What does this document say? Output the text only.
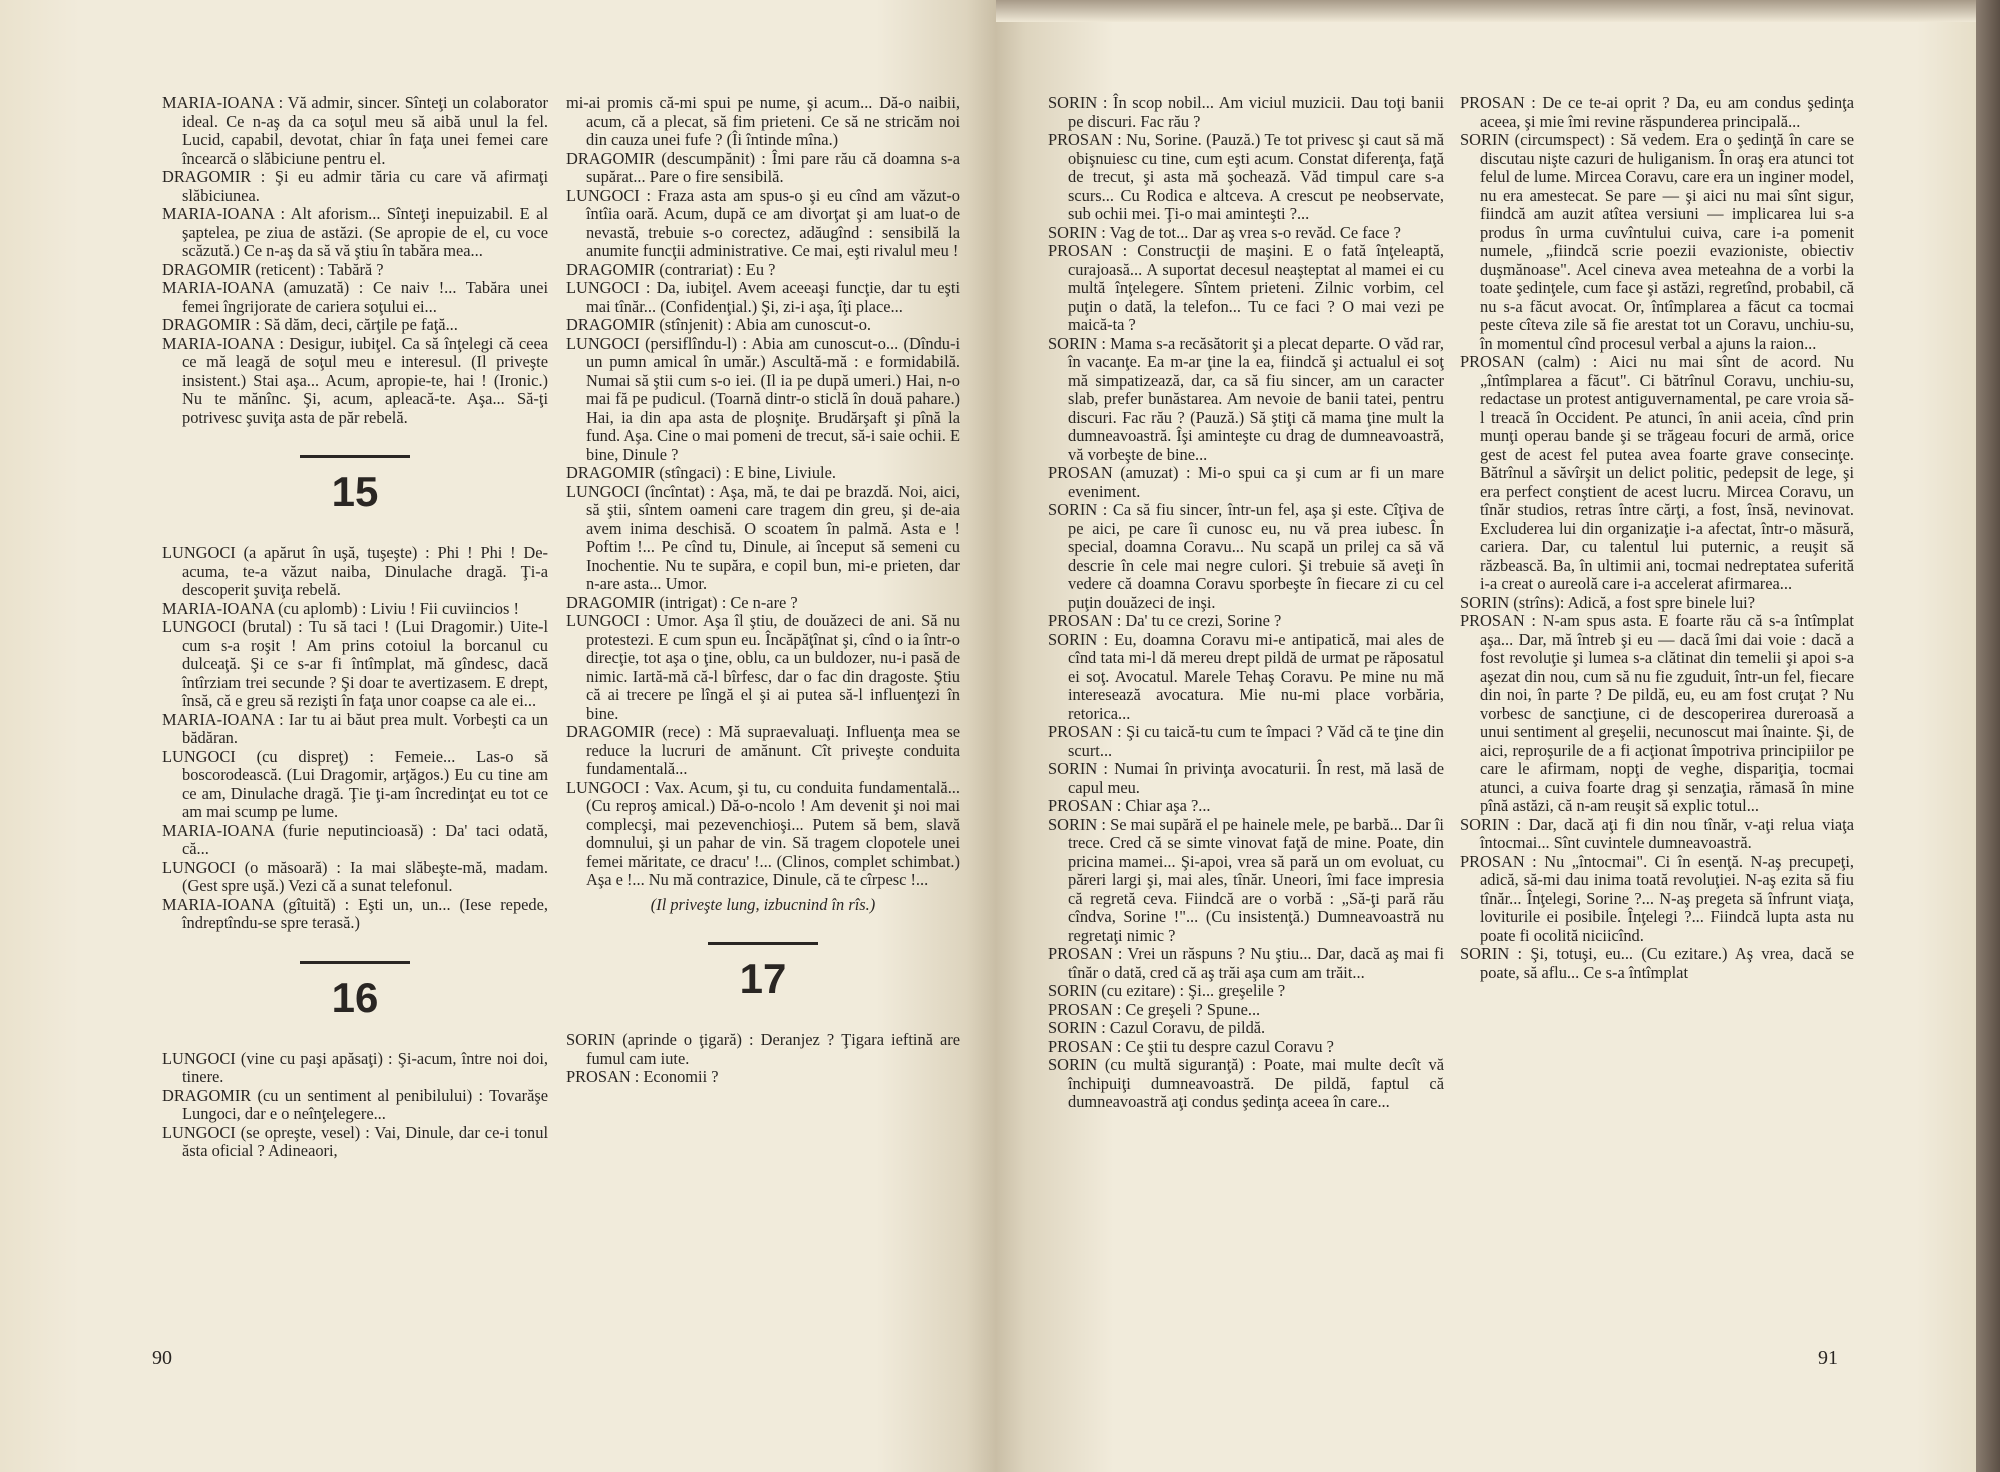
MARIA-IOANA : Vă admir, sincer. Sînteţi un colaborator ideal. Ce n-aş da ca soţul meu să aibă unul la fel. Lucid, capabil, devotat, chiar în faţa unei femei care încearcă o slăbiciune pentru el.

DRAGOMIR : Şi eu admir tăria cu care vă afirmaţi slăbiciunea.

MARIA-IOANA : Alt aforism... Sînteţi inepuizabil. E al şaptelea, pe ziua de astăzi. (Se apropie de el, cu voce scăzută.) Ce n-aş da să vă ştiu în tabăra mea...

DRAGOMIR (reticent) : Tabără ?

MARIA-IOANA (amuzată) : Ce naiv !... Tabăra unei femei îngrijorate de cariera soţului ei...

DRAGOMIR : Să dăm, deci, cărţile pe faţă...

MARIA-IOANA : Desigur, iubiţel. Ca să înţelegi că ceea ce mă leagă de soţul meu e interesul. (Il priveşte insistent.) Stai aşa... Acum, apropie-te, hai ! (Ironic.) Nu te mănînc. Şi, acum, apleacă-te. Aşa... Să-ţi potrivesc şuviţa asta de păr rebelă.

15

LUNGOCI (a apărut în uşă, tuşeşte) : Phi ! Phi ! De-acuma, te-a văzut naiba, Dinulache dragă. Ţi-a descoperit şuviţa rebelă.

MARIA-IOANA (cu aplomb) : Liviu ! Fii cuviincios !

LUNGOCI (brutal) : Tu să taci ! (Lui Dragomir.) Uite-l cum s-a roşit ! Am prins cotoiul la borcanul cu dulceaţă. Şi ce s-ar fi întîmplat, mă gîndesc, dacă întîrziam trei secunde ? Şi doar te avertizasem. E drept, însă, că e greu să rezişti în faţa unor coapse ca ale ei...

MARIA-IOANA : Iar tu ai băut prea mult. Vorbeşti ca un bădăran.

LUNGOCI (cu dispreţ) : Femeie... Las-o să boscorodească. (Lui Dragomir, arţăgos.) Eu cu tine am ce am, Dinulache dragă. Ţie ţi-am încredinţat eu tot ce am mai scump pe lume.

MARIA-IOANA (furie neputincioasă) : Da' taci odată, că...

LUNGOCI (o măsoară) : Ia mai slăbeşte-mă, madam. (Gest spre uşă.) Vezi că a sunat telefonul.

MARIA-IOANA (gîtuită) : Eşti un, un... (Iese repede, îndreptîndu-se spre terasă.)

16

LUNGOCI (vine cu paşi apăsaţi) : Şi-acum, între noi doi, tinere.

DRAGOMIR (cu un sentiment al penibilului) : Tovarăşe Lungoci, dar e o neînţelegere...

LUNGOCI (se opreşte, vesel) : Vai, Dinule, dar ce-i tonul ăsta oficial ? Adineaori,

mi-ai promis că-mi spui pe nume, şi acum... Dă-o naibii, acum, că a plecat, să fim prieteni. Ce să ne stricăm noi din cauza unei fufe ? (Îi întinde mîna.)

DRAGOMIR (descumpănit) : Îmi pare rău că doamna s-a supărat... Pare o fire sensibilă.

LUNGOCI : Fraza asta am spus-o şi eu cînd am văzut-o întîia oară. Acum, după ce am divorţat şi am luat-o de nevastă, trebuie s-o corectez, adăugînd : sensibilă la anumite funcţii administrative. Ce mai, eşti rivalul meu !

DRAGOMIR (contrariat) : Eu ?

LUNGOCI : Da, iubiţel. Avem aceeaşi funcţie, dar tu eşti mai tînăr... (Confidenţial.) Şi, zi-i aşa, îţi place...

DRAGOMIR (stînjenit) : Abia am cunoscut-o.

LUNGOCI (persiflîndu-l) : Abia am cunoscut-o... (Dîndu-i un pumn amical în umăr.) Ascultă-mă : e formidabilă. Numai să ştii cum s-o iei. (Il ia pe după umeri.) Hai, n-o mai fă pe pudicul. (Toarnă dintr-o sticlă în două pahare.) Hai, ia din apa asta de ploşniţe. Brudărşaft şi pînă la fund. Aşa. Cine o mai pomeni de trecut, să-i saie ochii. E bine, Dinule ?

DRAGOMIR (stîngaci) : E bine, Liviule.

LUNGOCI (încîntat) : Aşa, mă, te dai pe brazdă. Noi, aici, să ştii, sîntem oameni care tragem din greu, şi de-aia avem inima deschisă. O scoatem în palmă. Asta e ! Poftim !... Pe cînd tu, Dinule, ai început să semeni cu Inochentie. Nu te supăra, e copil bun, mi-e prieten, dar n-are asta... Umor.

DRAGOMIR (intrigat) : Ce n-are ?

LUNGOCI : Umor. Aşa îl ştiu, de douăzeci de ani. Să nu protestezi. E cum spun eu. Încăpăţînat şi, cînd o ia într-o direcţie, tot aşa o ţine, oblu, ca un buldozer, nu-i pasă de nimic. Iartă-mă că-l bîrfesc, dar o fac din dragoste. Ştiu că ai trecere pe lîngă el şi ai putea să-l influenţezi în bine.

DRAGOMIR (rece) : Mă supraevaluaţi. Influenţa mea se reduce la lucruri de amănunt. Cît priveşte conduita fundamentală...

LUNGOCI : Vax. Acum, şi tu, cu conduita fundamentală... (Cu reproş amical.) Dă-o-ncolo ! Am devenit şi noi mai complecşi, mai pezevenchioşi... Putem să bem, slavă domnului, şi un pahar de vin. Să tragem clopotele unei femei măritate, ce dracu' !... (Clinos, complet schimbat.) Aşa e !... Nu mă contrazice, Dinule, că te cîrpesc !...

(Il priveşte lung, izbucnind în rîs.)

17

SORIN (aprinde o ţigară) : Deranjez ? Ţigara ieftină are fumul cam iute.

PROSAN : Economii ?

90

SORIN : În scop nobil... Am viciul muzicii. Dau toţi banii pe discuri. Fac rău ?

PROSAN : Nu, Sorine. (Pauză.) Te tot privesc şi caut să mă obişnuiesc cu tine, cum eşti acum. Constat diferenţa, faţă de trecut, şi asta mă şochează. Văd timpul care s-a scurs... Cu Rodica e altceva. A crescut pe neobservate, sub ochii mei. Ţi-o mai aminteşti ?...

SORIN : Vag de tot... Dar aş vrea s-o revăd. Ce face ?

PROSAN : Construcţii de maşini. E o fată înţeleaptă, curajoasă... A suportat decesul neaşteptat al mamei ei cu multă înţelegere. Sîntem prieteni. Zilnic vorbim, cel puţin o dată, la telefon... Tu ce faci ? O mai vezi pe maică-ta ?

SORIN : Mama s-a recăsătorit şi a plecat departe. O văd rar, în vacanţe. Ea m-ar ţine la ea, fiindcă şi actualul ei soţ mă simpatizează, dar, ca să fiu sincer, am un caracter slab, prefer bunăstarea. Am nevoie de banii tatei, pentru discuri. Fac rău ? (Pauză.) Să ştiţi că mama ţine mult la dumneavoastră. Îşi aminteşte cu drag de dumneavoastră, vă vorbeşte de bine...

PROSAN (amuzat) : Mi-o spui ca şi cum ar fi un mare eveniment.

SORIN : Ca să fiu sincer, într-un fel, aşa şi este. Cîţiva de pe aici, pe care îi cunosc eu, nu vă prea iubesc. În special, doamna Coravu... Nu scapă un prilej ca să vă descrie în cele mai negre culori. Şi trebuie să aveţi în vedere că doamna Coravu sporbeşte în fiecare zi cu cel puţin douăzeci de inşi.

PROSAN : Da' tu ce crezi, Sorine ?

SORIN : Eu, doamna Coravu mi-e antipatică, mai ales de cînd tata mi-l dă mereu drept pildă de urmat pe răposatul ei soţ. Avocatul. Marele Tehaş Coravu. Pe mine nu mă interesează avocatura. Mie nu-mi place vorbăria, retorica...

PROSAN : Şi cu taică-tu cum te împaci ? Văd că te ţine din scurt...

SORIN : Numai în privinţa avocaturii. În rest, mă lasă de capul meu.

PROSAN : Chiar aşa ?...

SORIN : Se mai supără el pe hainele mele, pe barbă... Dar îi trece. Cred că se simte vinovat faţă de mine. Poate, din pricina mamei... Şi-apoi, vrea să pară un om evoluat, cu păreri largi şi, mai ales, tînăr. Uneori, îmi face impresia că regretă ceva. Fiindcă are o vorbă : „Să-ţi pară rău cîndva, Sorine !"... (Cu insistenţă.) Dumneavoastră nu regretaţi nimic ?

PROSAN : Vrei un răspuns ? Nu ştiu... Dar, dacă aş mai fi tînăr o dată, cred că aş trăi aşa cum am trăit...

SORIN (cu ezitare) : Şi... greşelile ?

PROSAN : Ce greşeli ? Spune...

SORIN : Cazul Coravu, de pildă.

PROSAN : Ce ştii tu despre cazul Coravu ?

SORIN (cu multă siguranţă) : Poate, mai multe decît vă închipuiţi dumneavoastră. De pildă, faptul că dumneavoastră aţi condus şedinţa aceea în care...

PROSAN : De ce te-ai oprit ? Da, eu am condus şedinţa aceea, şi mie îmi revine răspunderea principală...

SORIN (circumspect) : Să vedem. Era o şedinţă în care se discutau nişte cazuri de huliganism. În oraş era atunci tot felul de lume. Mircea Coravu, care era un inginer model, nu era amestecat. Se pare — şi aici nu mai sînt sigur, fiindcă am auzit atîtea versiuni — implicarea lui s-a produs în urma cuvîntului cuiva, care i-a pomenit numele, „fiindcă scrie poezii evazioniste, obiectiv duşmănoase". Acel cineva avea meteahna de a vorbi la toate şedinţele, cum face şi astăzi, regretînd, probabil, că nu s-a făcut avocat. Or, întîmplarea a făcut ca tocmai peste cîteva zile să fie arestat tot un Coravu, unchiu-su, în momentul cînd procesul verbal a ajuns la raion...

PROSAN (calm) : Aici nu mai sînt de acord. Nu „întîmplarea a făcut". Ci bătrînul Coravu, unchiu-su, redactase un protest antiguvernamental, pe care vroia să-l treacă în Occident. Pe atunci, în anii aceia, cînd prin munţi operau bande şi se trăgeau focuri de armă, orice gest de acest fel putea avea foarte grave consecinţe. Bătrînul a săvîrşit un delict politic, pedepsit de lege, şi era perfect conştient de acest lucru. Mircea Coravu, un tînăr studios, retras între cărţi, a fost, însă, nevinovat. Excluderea lui din organizaţie i-a afectat, într-o măsură, cariera. Dar, cu talentul lui puternic, a reuşit să răzbească. Ba, în ultimii ani, tocmai nedreptatea suferită i-a creat o aureolă care i-a accelerat afirmarea...

SORIN (strîns): Adică, a fost spre binele lui?

PROSAN : N-am spus asta. E foarte rău că s-a întîmplat aşa... Dar, mă întreb şi eu — dacă îmi dai voie : dacă a fost revoluţie şi lumea s-a clătinat din temelii şi apoi s-a aşezat din nou, cum să nu fie zguduit, într-un fel, fiecare din noi, în parte ? De pildă, eu, eu am fost cruţat ? Nu vorbesc de sancţiune, ci de descoperirea dureroasă a unui sentiment al greşelii, necunoscut mai înainte. Şi, de aici, reproşurile de a fi acţionat împotriva principiilor pe care le afirmam, nopţi de veghe, dispariţia, tocmai atunci, a cuiva foarte drag şi senzaţia, rămasă în mine pînă astăzi, că n-am reuşit să explic totul...

SORIN : Dar, dacă aţi fi din nou tînăr, v-aţi relua viaţa întocmai... Sînt cuvintele dumneavoastră.

PROSAN : Nu „întocmai". Ci în esenţă. N-aş precupeţi, adică, să-mi dau inima toată revoluţiei. N-aş ezita să fiu tînăr... Înţelegi, Sorine ?... N-aş pregeta să înfrunt viaţa, loviturile ei posibile. Înţelegi ?... Fiindcă lupta asta nu poate fi ocolită niciicînd.

SORIN : Şi, totuşi, eu... (Cu ezitare.) Aş vrea, dacă se poate, să aflu... Ce s-a întîmplat

91
